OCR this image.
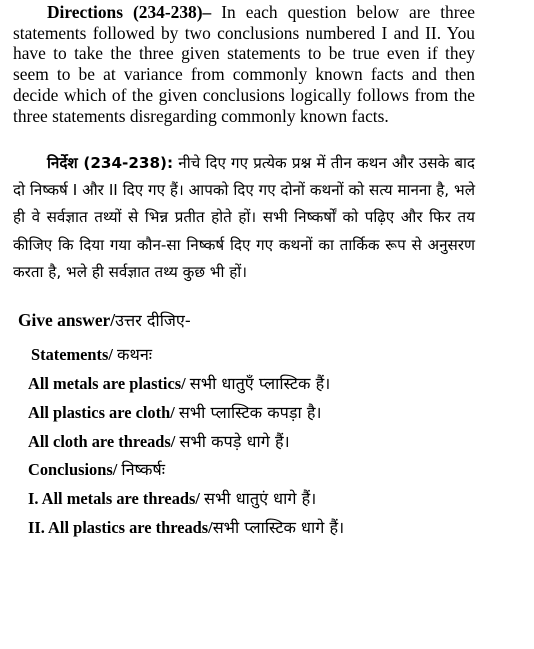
Directions (234-238)– In each question below are three statements followed by two conclusions numbered I and II. You have to take the three given statements to be true even if they seem to be at variance from commonly known facts and then decide which of the given conclusions logically follows from the three statements disregarding commonly known facts.
निर्देश (234-238): नीचे दिए गए प्रत्येक प्रश्न में तीन कथन और उसके बाद दो निष्कर्ष I और II दिए गए हैं। आपको दिए गए दोनों कथनों को सत्य मानना है, भले ही वे सर्वज्ञात तथ्यों से भिन्न प्रतीत होते हों। सभी निष्कर्षों को पढ़िए और फिर तय कीजिए कि दिया गया कौन-सा निष्कर्ष दिए गए कथनों का तार्किक रूप से अनुसरण करता है, भले ही सर्वज्ञात तथ्य कुछ भी हों।
Give answer/उत्तर दीजिए-
Statements/ कथनः
All metals are plastics/ सभी धातुएँ प्लास्टिक हैं।
All plastics are cloth/ सभी प्लास्टिक कपड़ा है।
All cloth are threads/ सभी कपड़े धागे हैं।
Conclusions/ निष्कर्षः
I. All metals are threads/ सभी धातुएं धागे हैं।
II. All plastics are threads/सभी प्लास्टिक धागे हैं।
